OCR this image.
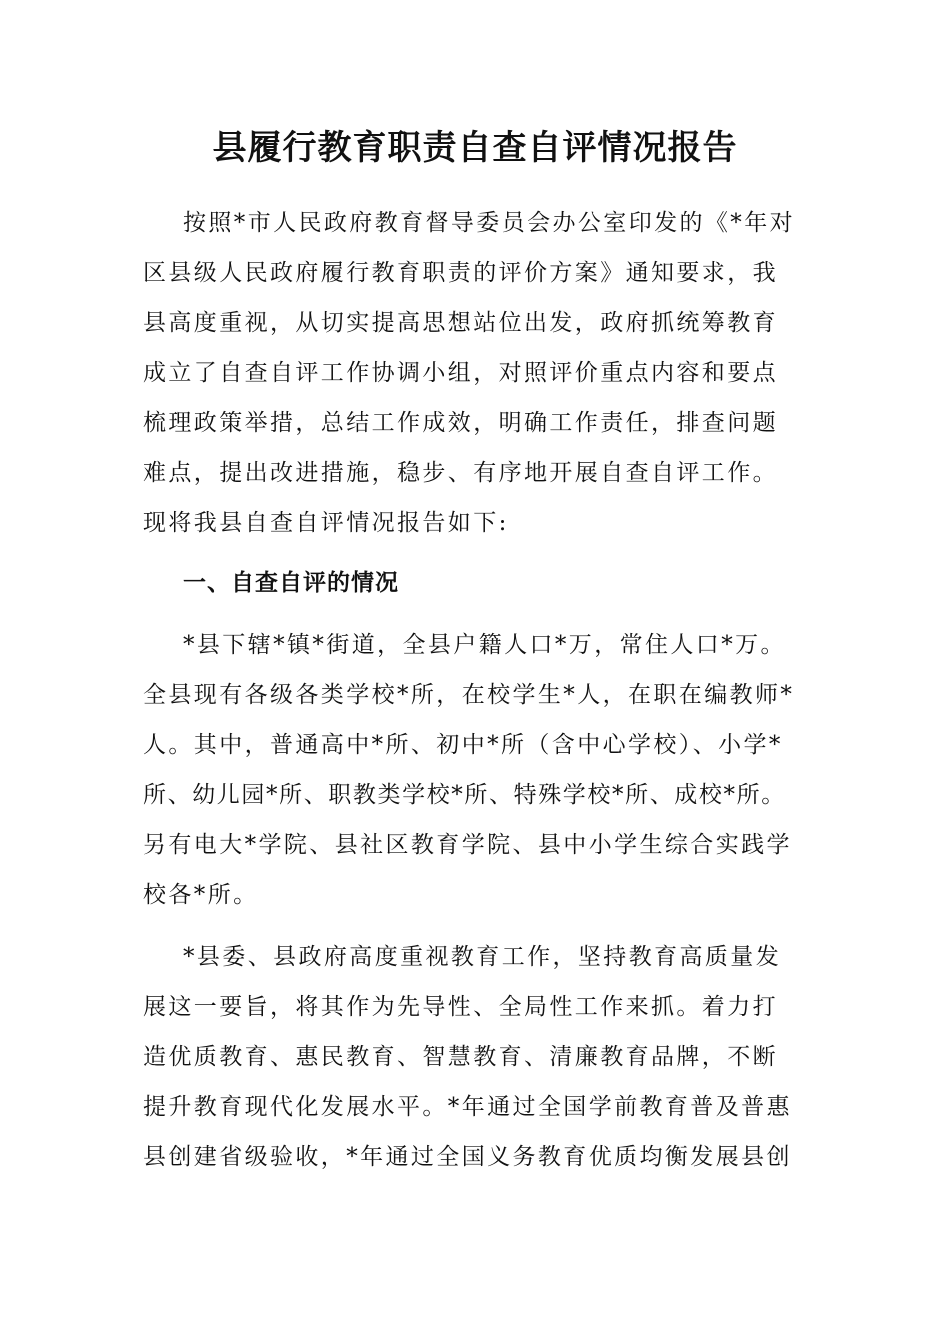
县履行教育职责自查自评情况报告
按照*市人民政府教育督导委员会办公室印发的《*年对
区县级人民政府履行教育职责的评价方案》通知要求，我
县高度重视，从切实提高思想站位出发，政府抓统筹教育
成立了自查自评工作协调小组，对照评价重点内容和要点
梳理政策举措，总结工作成效，明确工作责任，排查问题
难点，提出改进措施，稳步、有序地开展自查自评工作。
现将我县自查自评情况报告如下:
一、自查自评的情况
*县下辖*镇*街道，全县户籍人口*万，常住人口*万。
全县现有各级各类学校*所，在校学生*人，在职在编教师*
人。其中，普通高中*所、初中*所（含中心学校）、小学*
所、幼儿园*所、职教类学校*所、特殊学校*所、成校*所。
另有电大*学院、县社区教育学院、县中小学生综合实践学
校各*所。
*县委、县政府高度重视教育工作，坚持教育高质量发
展这一要旨，将其作为先导性、全局性工作来抓。着力打
造优质教育、惠民教育、智慧教育、清廉教育品牌，不断
提升教育现代化发展水平。*年通过全国学前教育普及普惠
县创建省级验收，*年通过全国义务教育优质均衡发展县创
